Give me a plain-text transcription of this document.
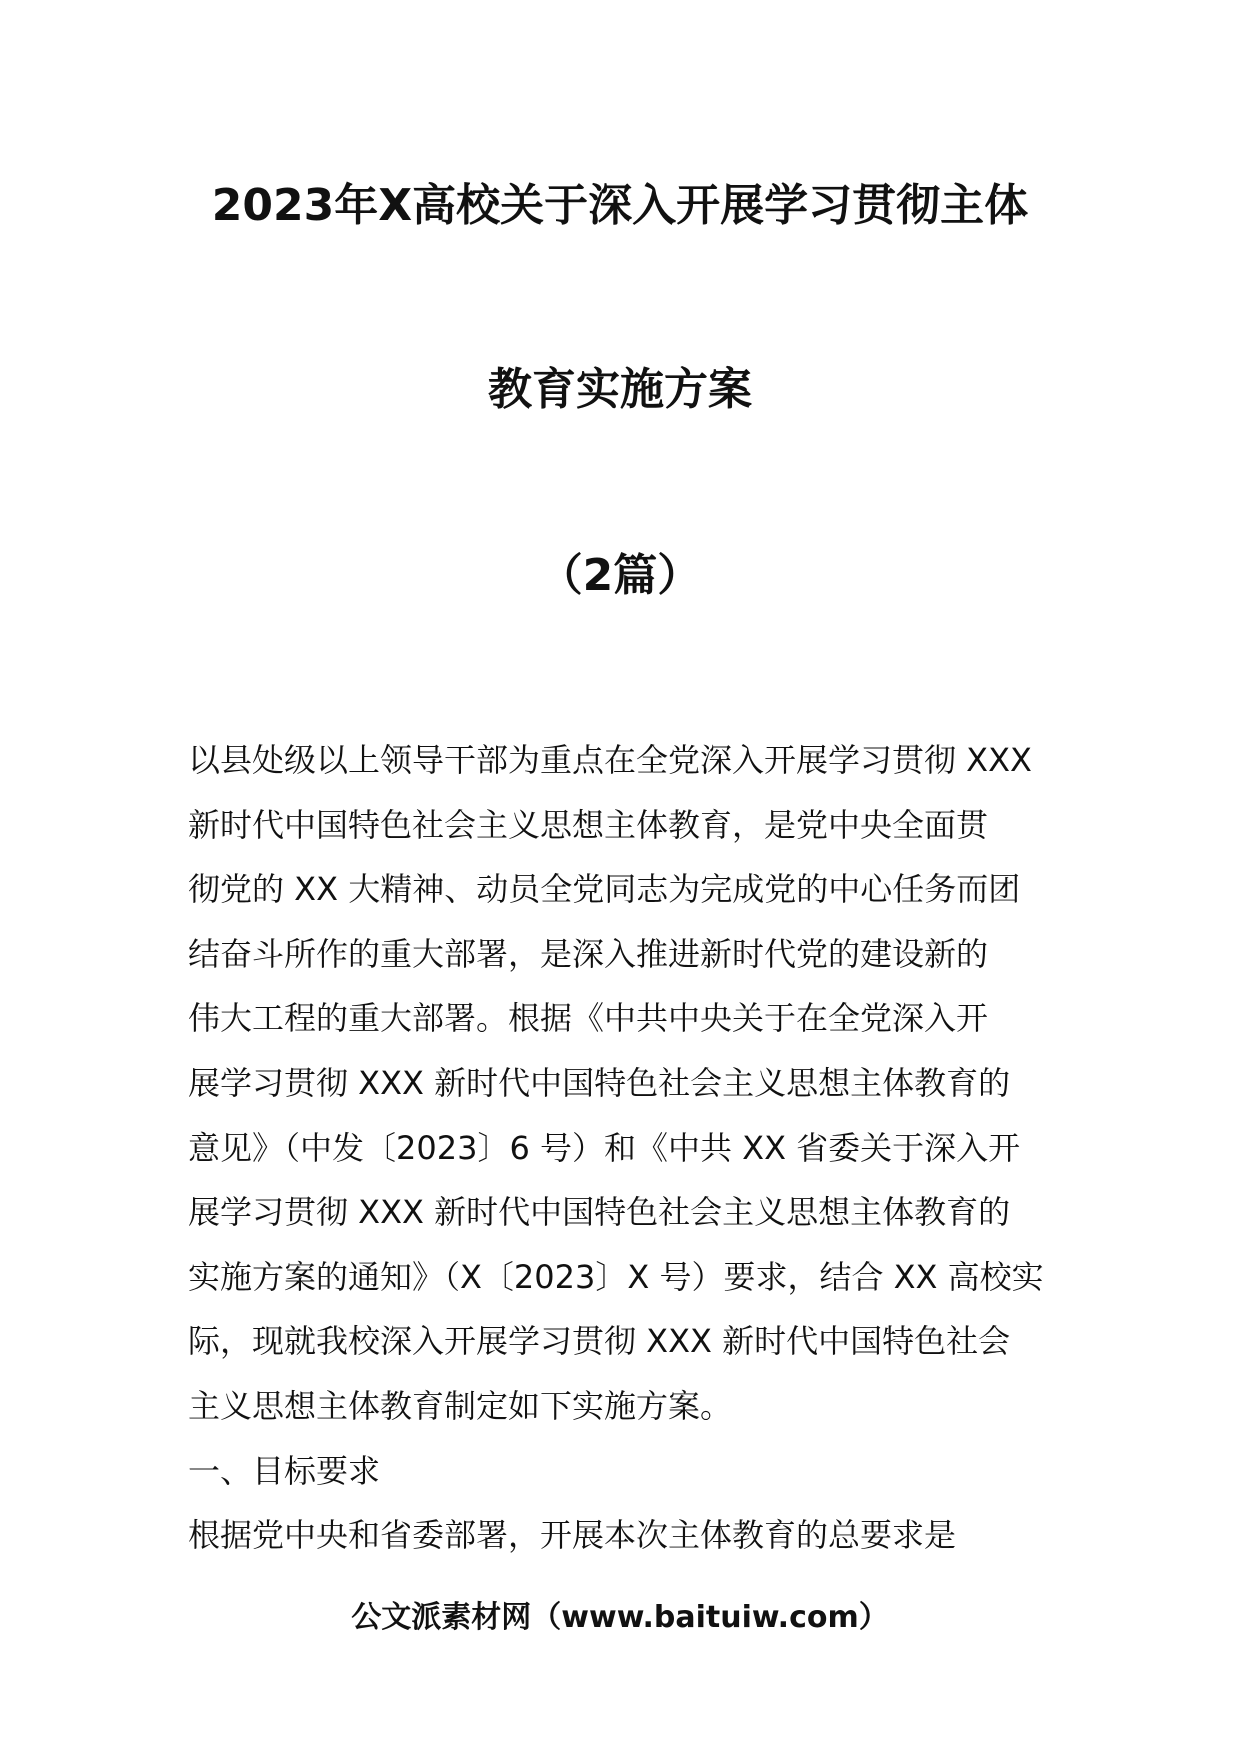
2023年X高校关于深入开展学习贯彻主体
教育实施方案
（2篇）
以县处级以上领导干部为重点在全党深入开展学习贯彻 XXX
新时代中国特色社会主义思想主体教育，是党中央全面贯
彻党的 XX 大精神、动员全党同志为完成党的中心任务而团
结奋斗所作的重大部署，是深入推进新时代党的建设新的
伟大工程的重大部署。根据《中共中央关于在全党深入开
展学习贯彻 XXX 新时代中国特色社会主义思想主体教育的
意见》（中发〔2023〕6 号）和《中共 XX 省委关于深入开
展学习贯彻 XXX 新时代中国特色社会主义思想主体教育的
实施方案的通知》（X〔2023〕X 号）要求，结合 XX 高校实
际，现就我校深入开展学习贯彻 XXX 新时代中国特色社会
主义思想主体教育制定如下实施方案。
一、目标要求
根据党中央和省委部署，开展本次主体教育的总要求是
公文派素材网（www.baituiw.com）
